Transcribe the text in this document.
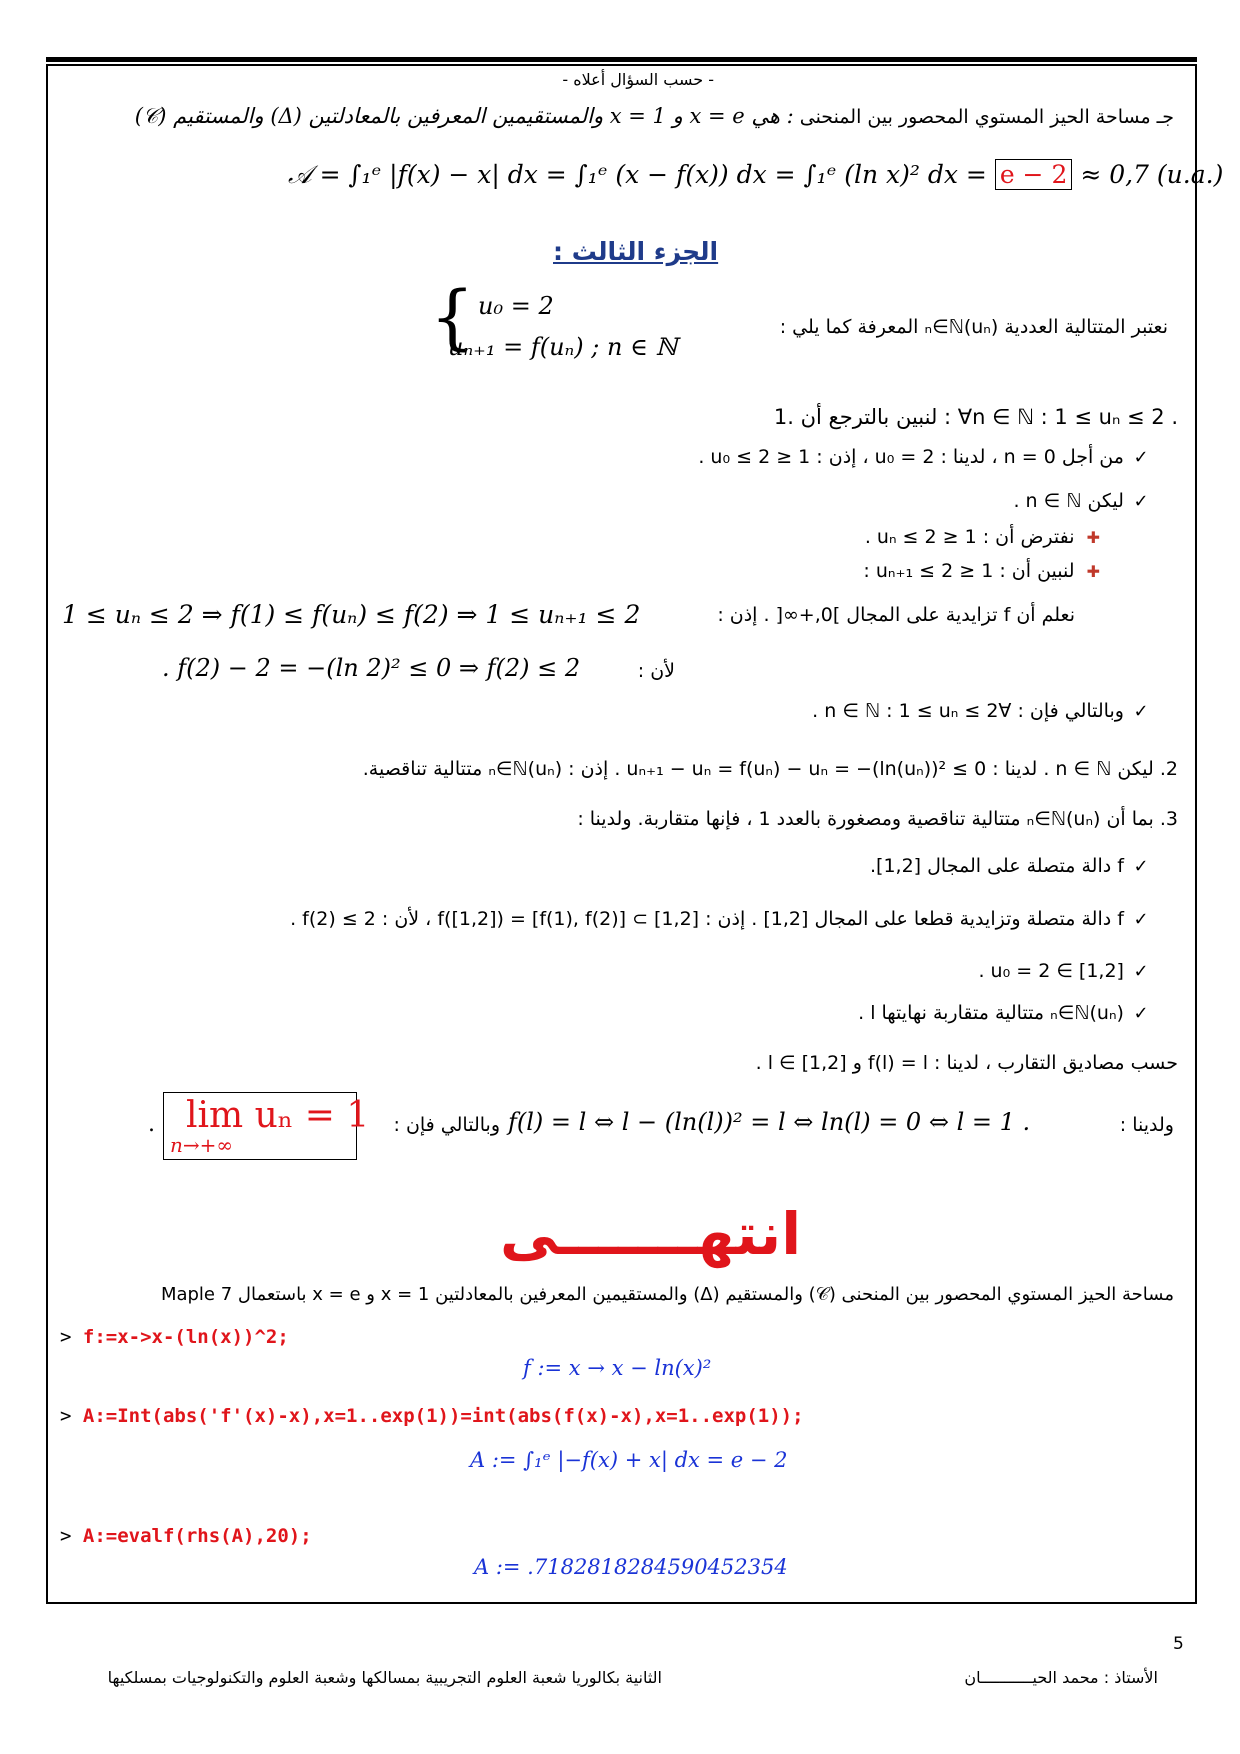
- حسب السؤال أعلاه -
جـ مساحة الحيز المستوي المحصور بين المنحنى (𝒞) والمستقيم (Δ) والمستقيمين المعرفين بالمعادلتين x = 1 و x = e هي :
𝒜 = ∫₁ᵉ |f(x) − x| dx = ∫₁ᵉ (x − f(x)) dx = ∫₁ᵉ (ln x)² dx = e − 2 ≈ 0,7 (u.a.)
الجزء الثالث :
نعتبر المتتالية العددية (uₙ)ₙ∈ℕ المعرفة كما يلي :
{ u₀ = 2
uₙ₊₁ = f(uₙ) ; n ∈ ℕ
1. لنبين بالترجع أن : ∀n ∈ ℕ : 1 ≤ uₙ ≤ 2 .
✓ من أجل n = 0 ، لدينا : u₀ = 2 ، إذن : 1 ≤ u₀ ≤ 2 .
✓ ليكن n ∈ ℕ .
✚ نفترض أن : 1 ≤ uₙ ≤ 2 .
✚ لنبين أن : 1 ≤ uₙ₊₁ ≤ 2 :
نعلم أن f تزايدية على المجال ]0,+∞[ . إذن :
1 ≤ uₙ ≤ 2 ⇒ f(1) ≤ f(uₙ) ≤ f(2) ⇒ 1 ≤ uₙ₊₁ ≤ 2
لأن :
. f(2) − 2 = −(ln 2)² ≤ 0 ⇒ f(2) ≤ 2
✓ وبالتالي فإن : ∀n ∈ ℕ : 1 ≤ uₙ ≤ 2 .
2. ليكن n ∈ ℕ . لدينا : uₙ₊₁ − uₙ = f(uₙ) − uₙ = −(ln(uₙ))² ≤ 0 . إذن : (uₙ)ₙ∈ℕ متتالية تناقصية.
3. بما أن (uₙ)ₙ∈ℕ متتالية تناقصية ومصغورة بالعدد 1 ، فإنها متقاربة. ولدينا :
✓ f دالة متصلة على المجال [1,2].
✓ f دالة متصلة وتزايدية قطعا على المجال [1,2] . إذن : f([1,2]) = [f(1), f(2)] ⊂ [1,2] ، لأن : f(2) ≤ 2 .
✓ u₀ = 2 ∈ [1,2] .
✓ (uₙ)ₙ∈ℕ متتالية متقاربة نهايتها l .
حسب مصاديق التقارب ، لدينا : f(l) = l و l ∈ [1,2] .
ولدينا :
f(l) = l ⇔ l − (ln(l))² = l ⇔ ln(l) = 0 ⇔ l = 1 .
وبالتالي فإن :
lim uₙ = 1
n→+∞
.
انتهـــــــى
مساحة الحيز المستوي المحصور بين المنحنى (𝒞) والمستقيم (Δ) والمستقيمين المعرفين بالمعادلتين x = 1 و x = e باستعمال Maple 7
> f:=x->x-(ln(x))^2;
f := x → x − ln(x)²
> A:=Int(abs('f'(x)-x),x=1..exp(1))=int(abs(f(x)-x),x=1..exp(1));
A := ∫₁ᵉ |−f(x) + x| dx = e − 2
> A:=evalf(rhs(A),20);
A := .7182818284590452354
5
الأستاذ : محمد الحيـــــــــــان
الثانية بكالوريا شعبة العلوم التجريبية بمسالكها وشعبة العلوم والتكنولوجيات بمسلكيها
